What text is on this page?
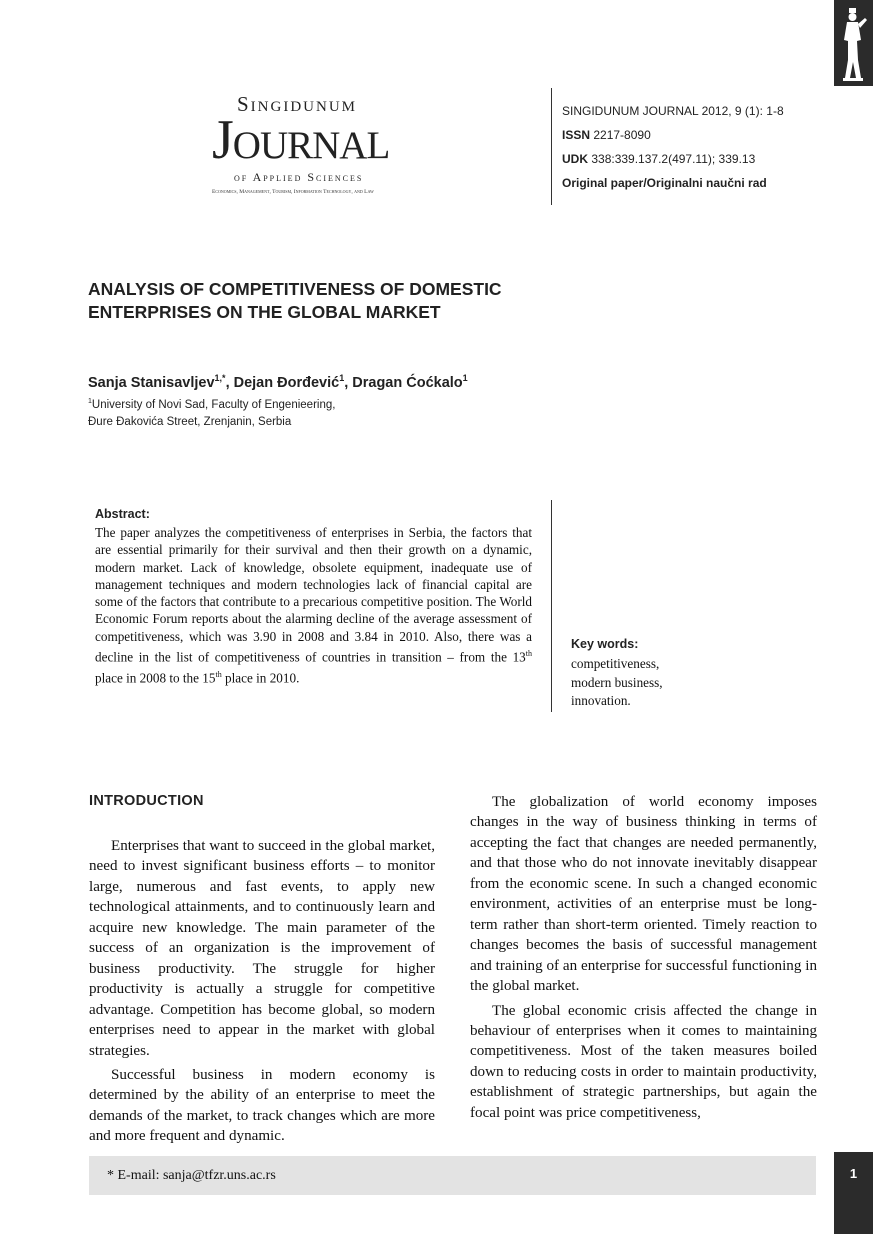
Singidunum
Journal
of Applied Sciences
Economics, Management, Tourism, Information Technology, and Law
SINGIDUNUM JOURNAL 2012, 9 (1): 1-8
ISSN 2217-8090
UDK 338:339.137.2(497.11); 339.13
Original paper/Originalni naučni rad
ANALYSIS OF COMPETITIVENESS OF DOMESTIC
ENTERPRISES ON THE GLOBAL MARKET
Sanja Stanisavljev$^{1,*}$, Dejan Đorđević$^1$, Dragan Ćoćkalo$^1$
$^1$University of Novi Sad, Faculty of Engenieering,
Đure Đakovića Street, Zrenjanin, Serbia
Abstract:
The paper analyzes the competitiveness of enterprises in Serbia, the factors that are essential primarily for their survival and then their growth on a dynamic, modern market. Lack of knowledge, obsolete equipment, inadequate use of management techniques and modern technologies lack of financial capital are some of the factors that contribute to a precarious competitive position. The World Economic Forum reports about the alarming decline of the average assessment of competitiveness, which was 3.90 in 2008 and 3.84 in 2010. Also, there was a decline in the list of competitiveness of countries in transition – from the 13th place in 2008 to the 15th place in 2010.
Key words:
competitiveness,
modern business,
innovation.
INTRODUCTION

Enterprises that want to succeed in the global market, need to invest significant business efforts – to monitor large, numerous and fast events, to apply new technological attainments, and to continuously learn and acquire new knowledge. The main parameter of the success of an organization is the improvement of business productivity. The struggle for higher productivity is actually a struggle for competitive advantage. Competition has become global, so modern enterprises need to appear in the market with global strategies.

Successful business in modern economy is determined by the ability of an enterprise to meet the demands of the market, to track changes which are more and more frequent and dynamic.

The globalization of world economy imposes changes in the way of business thinking in terms of accepting the fact that changes are needed permanently, and that those who do not innovate inevitably disappear from the economic scene. In such a changed economic environment, activities of an enterprise must be long-term rather than short-term oriented. Timely reaction to changes becomes the basis of successful management and training of an enterprise for successful functioning in the global market.

The global economic crisis affected the change in behaviour of enterprises when it comes to maintaining competitiveness. Most of the taken measures boiled down to reducing costs in order to maintain productivity, establishment of strategic partnerships, but again the focal point was price competitiveness,

* E-mail: sanja@tfzr.uns.ac.rs	1
